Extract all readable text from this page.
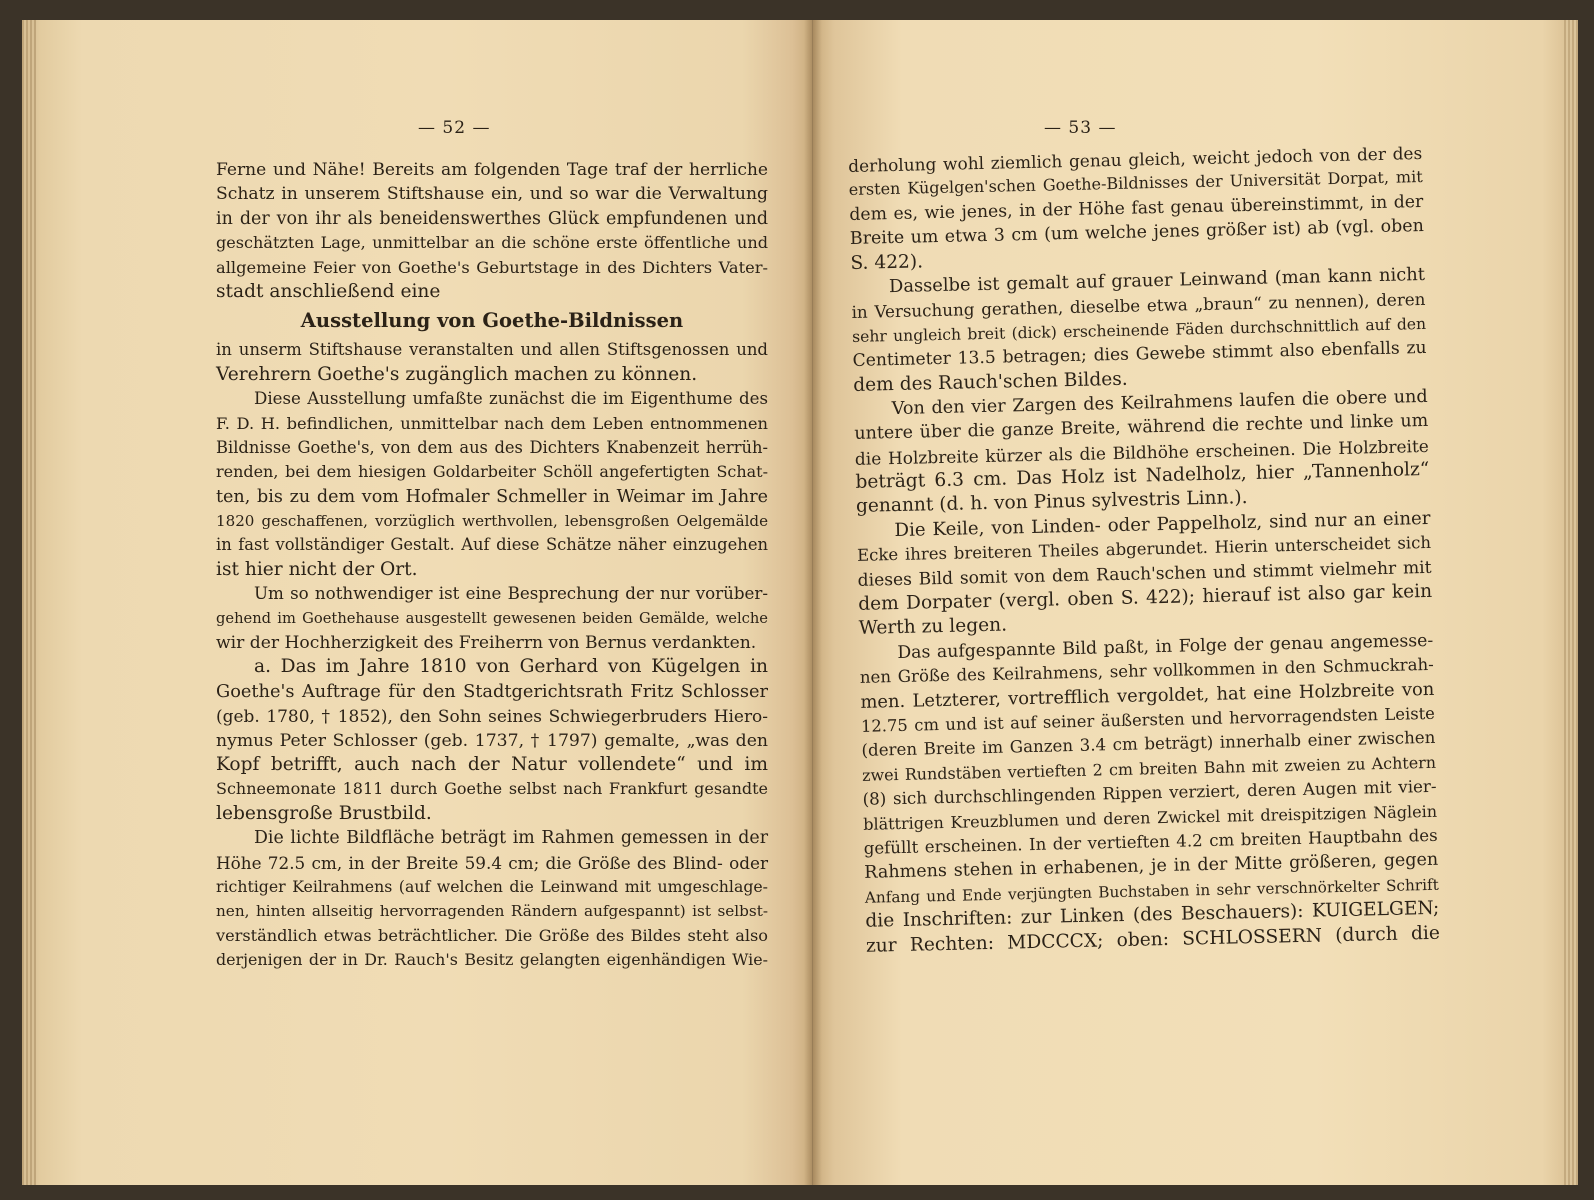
— 52 —
Ferne und Nähe! Bereits am folgenden Tage traf der herrliche
Schatz in unserem Stiftshause ein, und so war die Verwaltung
in der von ihr als beneidenswerthes Glück empfundenen und
geschätzten Lage, unmittelbar an die schöne erste öffentliche und
allgemeine Feier von Goethe's Geburtstage in des Dichters Vater-
stadt anschließend eine
Ausstellung von Goethe-Bildnissen
in unserm Stiftshause veranstalten und allen Stiftsgenossen und
Verehrern Goethe's zugänglich machen zu können.
Diese Ausstellung umfaßte zunächst die im Eigenthume des
F. D. H. befindlichen, unmittelbar nach dem Leben entnommenen
Bildnisse Goethe's, von dem aus des Dichters Knabenzeit herrüh-
renden, bei dem hiesigen Goldarbeiter Schöll angefertigten Schat-
ten, bis zu dem vom Hofmaler Schmeller in Weimar im Jahre
1820 geschaffenen, vorzüglich werthvollen, lebensgroßen Oelgemälde
in fast vollständiger Gestalt. Auf diese Schätze näher einzugehen
ist hier nicht der Ort.
Um so nothwendiger ist eine Besprechung der nur vorüber-
gehend im Goethehause ausgestellt gewesenen beiden Gemälde, welche
wir der Hochherzigkeit des Freiherrn von Bernus verdankten.
a. Das im Jahre 1810 von Gerhard von Kügelgen in
Goethe's Auftrage für den Stadtgerichtsrath Fritz Schlosser
(geb. 1780, † 1852), den Sohn seines Schwiegerbruders Hiero-
nymus Peter Schlosser (geb. 1737, † 1797) gemalte, „was den
Kopf betrifft, auch nach der Natur vollendete“ und im
Schneemonate 1811 durch Goethe selbst nach Frankfurt gesandte
lebensgroße Brustbild.
Die lichte Bildfläche beträgt im Rahmen gemessen in der
Höhe 72.5 cm, in der Breite 59.4 cm; die Größe des Blind- oder
richtiger Keilrahmens (auf welchen die Leinwand mit umgeschlage-
nen, hinten allseitig hervorragenden Rändern aufgespannt) ist selbst-
verständlich etwas beträchtlicher. Die Größe des Bildes steht also
derjenigen der in Dr. Rauch's Besitz gelangten eigenhändigen Wie-
— 53 —
derholung wohl ziemlich genau gleich, weicht jedoch von der des
ersten Kügelgen'schen Goethe-Bildnisses der Universität Dorpat, mit
dem es, wie jenes, in der Höhe fast genau übereinstimmt, in der
Breite um etwa 3 cm (um welche jenes größer ist) ab (vgl. oben
S. 422).
Dasselbe ist gemalt auf grauer Leinwand (man kann nicht
in Versuchung gerathen, dieselbe etwa „braun“ zu nennen), deren
sehr ungleich breit (dick) erscheinende Fäden durchschnittlich auf den
Centimeter 13.5 betragen; dies Gewebe stimmt also ebenfalls zu
dem des Rauch'schen Bildes.
Von den vier Zargen des Keilrahmens laufen die obere und
untere über die ganze Breite, während die rechte und linke um
die Holzbreite kürzer als die Bildhöhe erscheinen. Die Holzbreite
beträgt 6.3 cm. Das Holz ist Nadelholz, hier „Tannenholz“
genannt (d. h. von Pinus sylvestris Linn.).
Die Keile, von Linden- oder Pappelholz, sind nur an einer
Ecke ihres breiteren Theiles abgerundet. Hierin unterscheidet sich
dieses Bild somit von dem Rauch'schen und stimmt vielmehr mit
dem Dorpater (vergl. oben S. 422); hierauf ist also gar kein
Werth zu legen.
Das aufgespannte Bild paßt, in Folge der genau angemesse-
nen Größe des Keilrahmens, sehr vollkommen in den Schmuckrah-
men. Letzterer, vortrefflich vergoldet, hat eine Holzbreite von
12.75 cm und ist auf seiner äußersten und hervorragendsten Leiste
(deren Breite im Ganzen 3.4 cm beträgt) innerhalb einer zwischen
zwei Rundstäben vertieften 2 cm breiten Bahn mit zweien zu Achtern
(8) sich durchschlingenden Rippen verziert, deren Augen mit vier-
blättrigen Kreuzblumen und deren Zwickel mit dreispitzigen Näglein
gefüllt erscheinen. In der vertieften 4.2 cm breiten Hauptbahn des
Rahmens stehen in erhabenen, je in der Mitte größeren, gegen
Anfang und Ende verjüngten Buchstaben in sehr verschnörkelter Schrift
die Inschriften: zur Linken (des Beschauers): KUIGELGEN;
zur Rechten: MDCCCX; oben: SCHLOSSERN (durch die
